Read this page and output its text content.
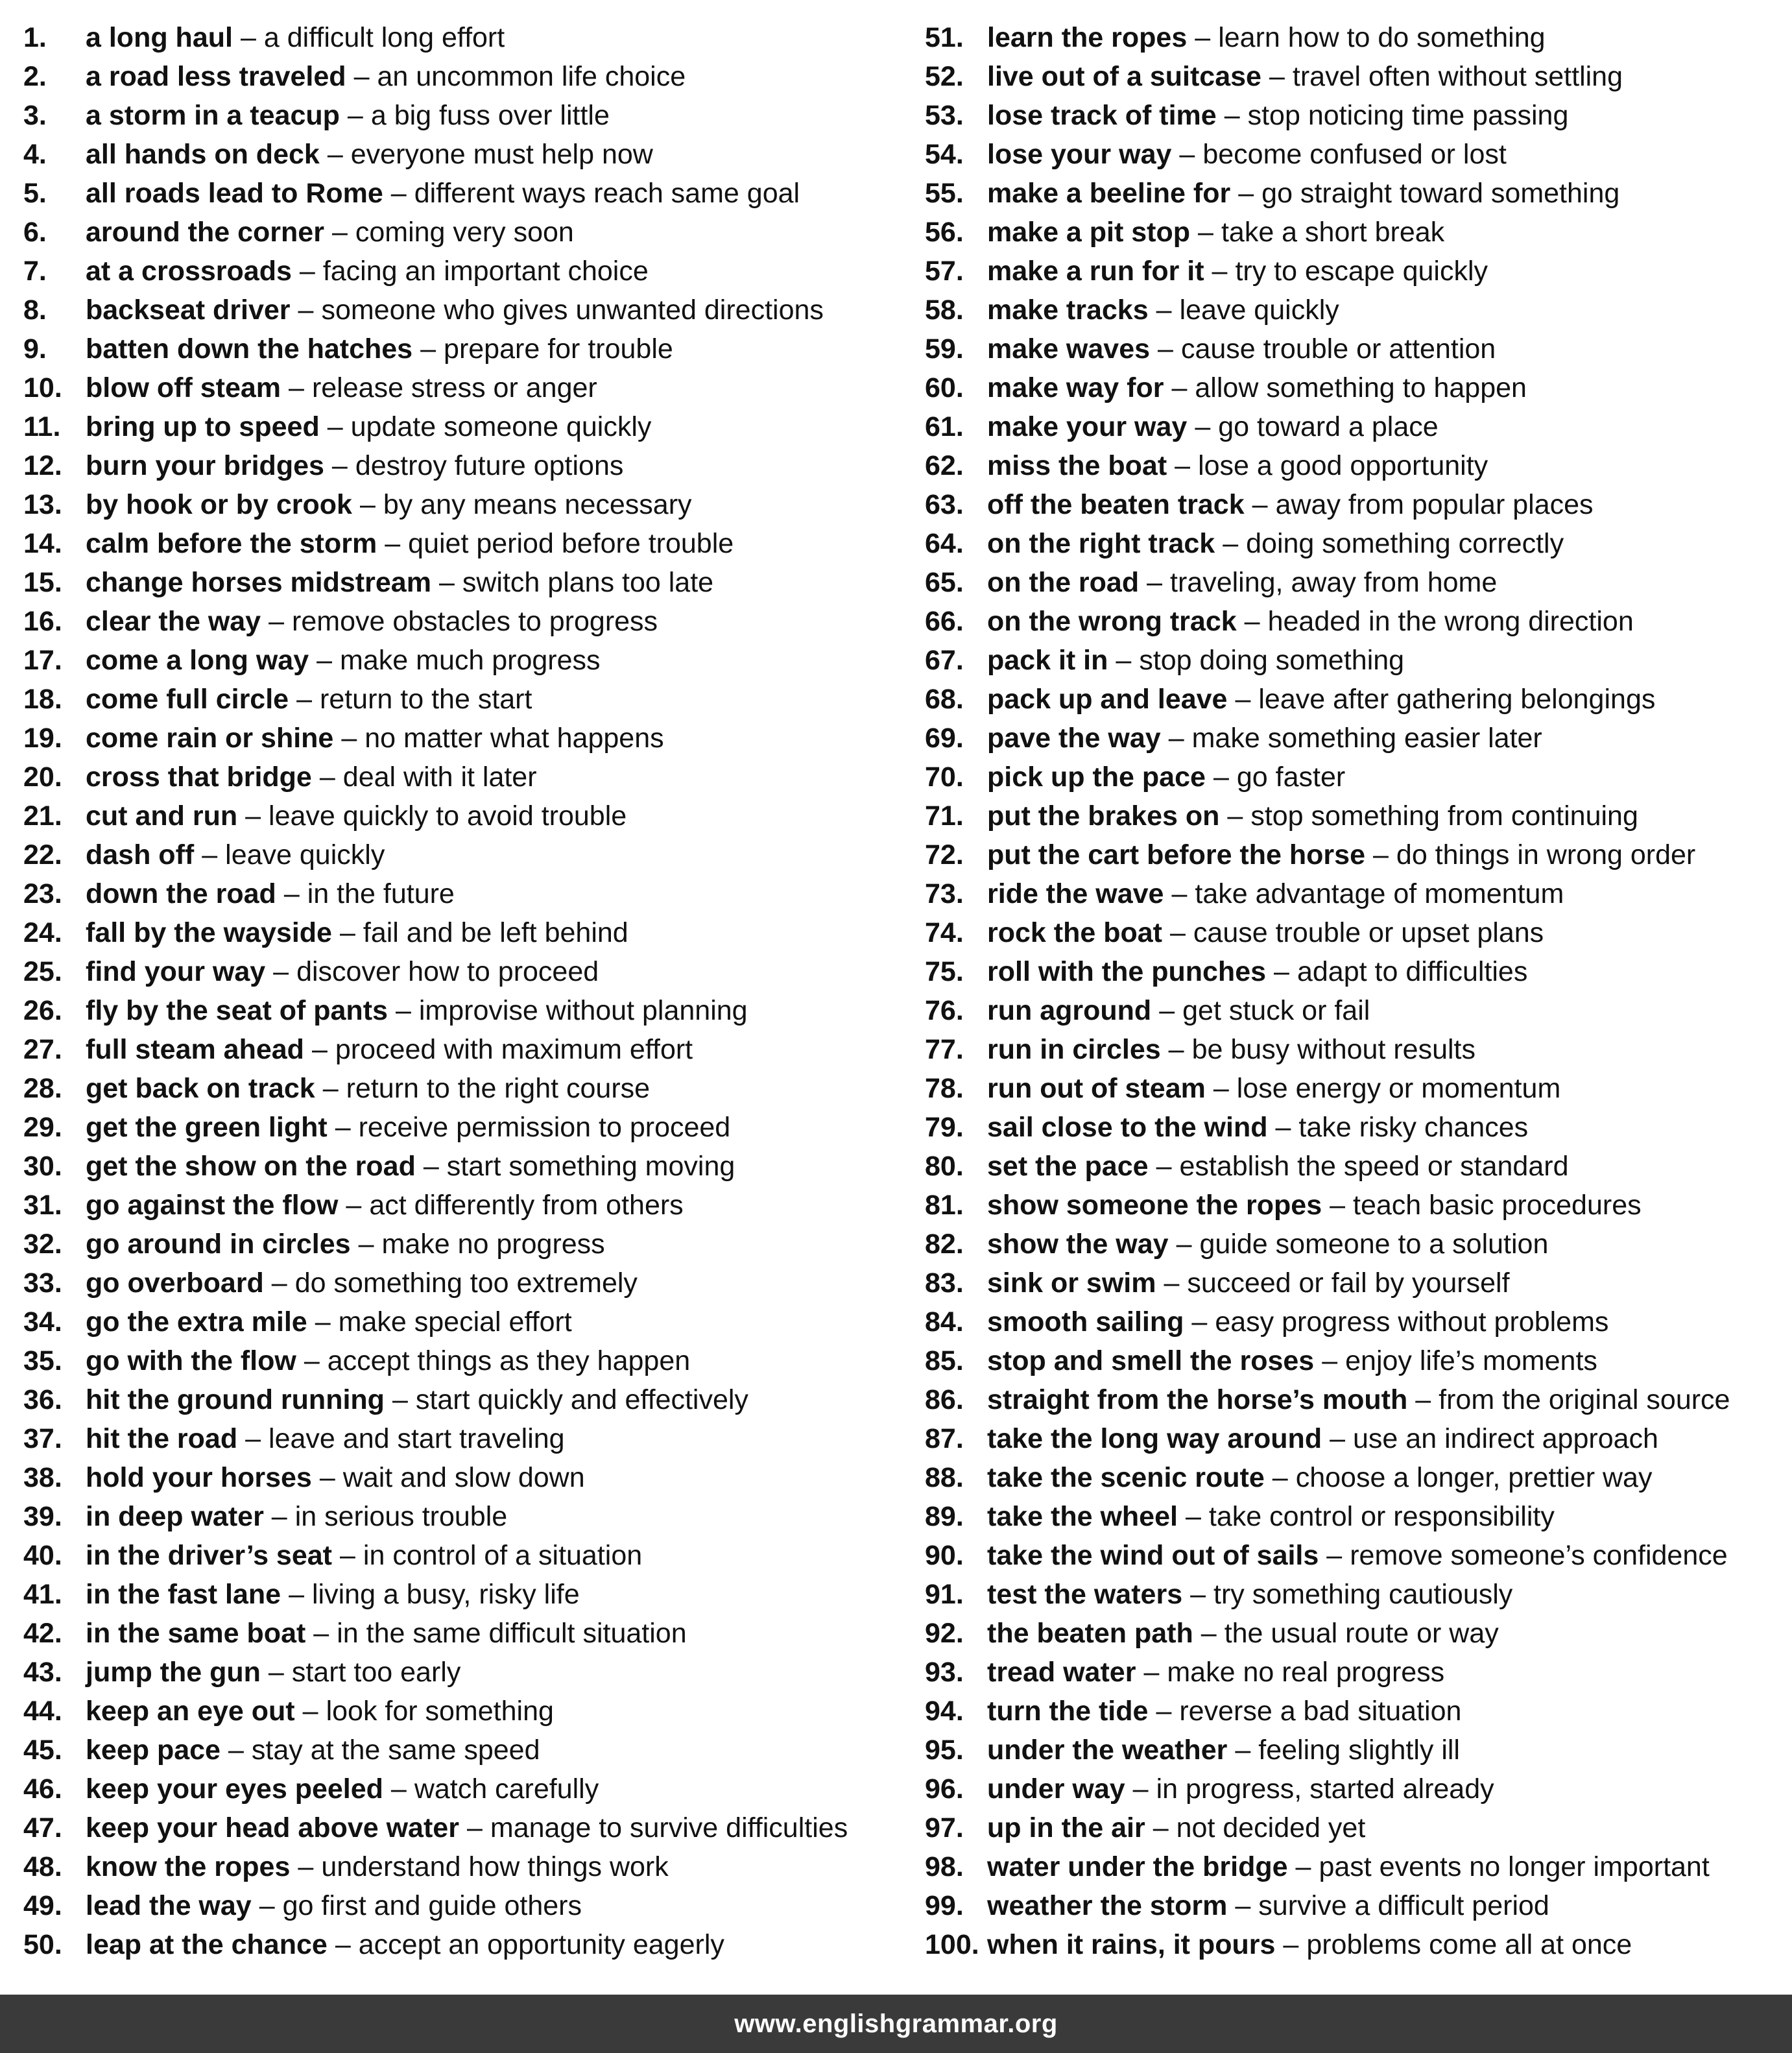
1.	a long haul – a difficult long effort
2.	a road less traveled – an uncommon life choice
3.	a storm in a teacup – a big fuss over little
4.	all hands on deck – everyone must help now
5.	all roads lead to Rome – different ways reach same goal
6.	around the corner – coming very soon
7.	at a crossroads – facing an important choice
8.	backseat driver – someone who gives unwanted directions
9.	batten down the hatches – prepare for trouble
10. blow off steam – release stress or anger
11. bring up to speed – update someone quickly
12. burn your bridges – destroy future options
13. by hook or by crook – by any means necessary
14. calm before the storm – quiet period before trouble
15. change horses midstream – switch plans too late
16. clear the way – remove obstacles to progress
17. come a long way – make much progress
18. come full circle – return to the start
19. come rain or shine – no matter what happens
20. cross that bridge – deal with it later
21. cut and run – leave quickly to avoid trouble
22. dash off – leave quickly
23. down the road – in the future
24. fall by the wayside – fail and be left behind
25. find your way – discover how to proceed
26. fly by the seat of pants – improvise without planning
27. full steam ahead – proceed with maximum effort
28. get back on track – return to the right course
29. get the green light – receive permission to proceed
30. get the show on the road – start something moving
31. go against the flow – act differently from others
32. go around in circles – make no progress
33. go overboard – do something too extremely
34. go the extra mile – make special effort
35. go with the flow – accept things as they happen
36. hit the ground running – start quickly and effectively
37. hit the road – leave and start traveling
38. hold your horses – wait and slow down
39. in deep water – in serious trouble
40. in the driver’s seat – in control of a situation
41. in the fast lane – living a busy, risky life
42. in the same boat – in the same difficult situation
43. jump the gun – start too early
44. keep an eye out – look for something
45. keep pace – stay at the same speed
46. keep your eyes peeled – watch carefully
47. keep your head above water – manage to survive difficulties
48. know the ropes – understand how things work
49. lead the way – go first and guide others
50. leap at the chance – accept an opportunity eagerly
51. learn the ropes – learn how to do something
52. live out of a suitcase – travel often without settling
53. lose track of time – stop noticing time passing
54. lose your way – become confused or lost
55. make a beeline for – go straight toward something
56. make a pit stop – take a short break
57. make a run for it – try to escape quickly
58. make tracks – leave quickly
59. make waves – cause trouble or attention
60. make way for – allow something to happen
61. make your way – go toward a place
62. miss the boat – lose a good opportunity
63. off the beaten track – away from popular places
64. on the right track – doing something correctly
65. on the road – traveling, away from home
66. on the wrong track – headed in the wrong direction
67. pack it in – stop doing something
68. pack up and leave – leave after gathering belongings
69. pave the way – make something easier later
70. pick up the pace – go faster
71. put the brakes on – stop something from continuing
72. put the cart before the horse – do things in wrong order
73. ride the wave – take advantage of momentum
74. rock the boat – cause trouble or upset plans
75. roll with the punches – adapt to difficulties
76. run aground – get stuck or fail
77. run in circles – be busy without results
78. run out of steam – lose energy or momentum
79. sail close to the wind – take risky chances
80. set the pace – establish the speed or standard
81. show someone the ropes – teach basic procedures
82. show the way – guide someone to a solution
83. sink or swim – succeed or fail by yourself
84. smooth sailing – easy progress without problems
85. stop and smell the roses – enjoy life’s moments
86. straight from the horse’s mouth – from the original source
87. take the long way around – use an indirect approach
88. take the scenic route – choose a longer, prettier way
89. take the wheel – take control or responsibility
90. take the wind out of sails – remove someone’s confidence
91. test the waters – try something cautiously
92. the beaten path – the usual route or way
93. tread water – make no real progress
94. turn the tide – reverse a bad situation
95. under the weather – feeling slightly ill
96. under way – in progress, started already
97. up in the air – not decided yet
98. water under the bridge – past events no longer important
99. weather the storm – survive a difficult period
100. when it rains, it pours – problems come all at once
www.englishgrammar.org
